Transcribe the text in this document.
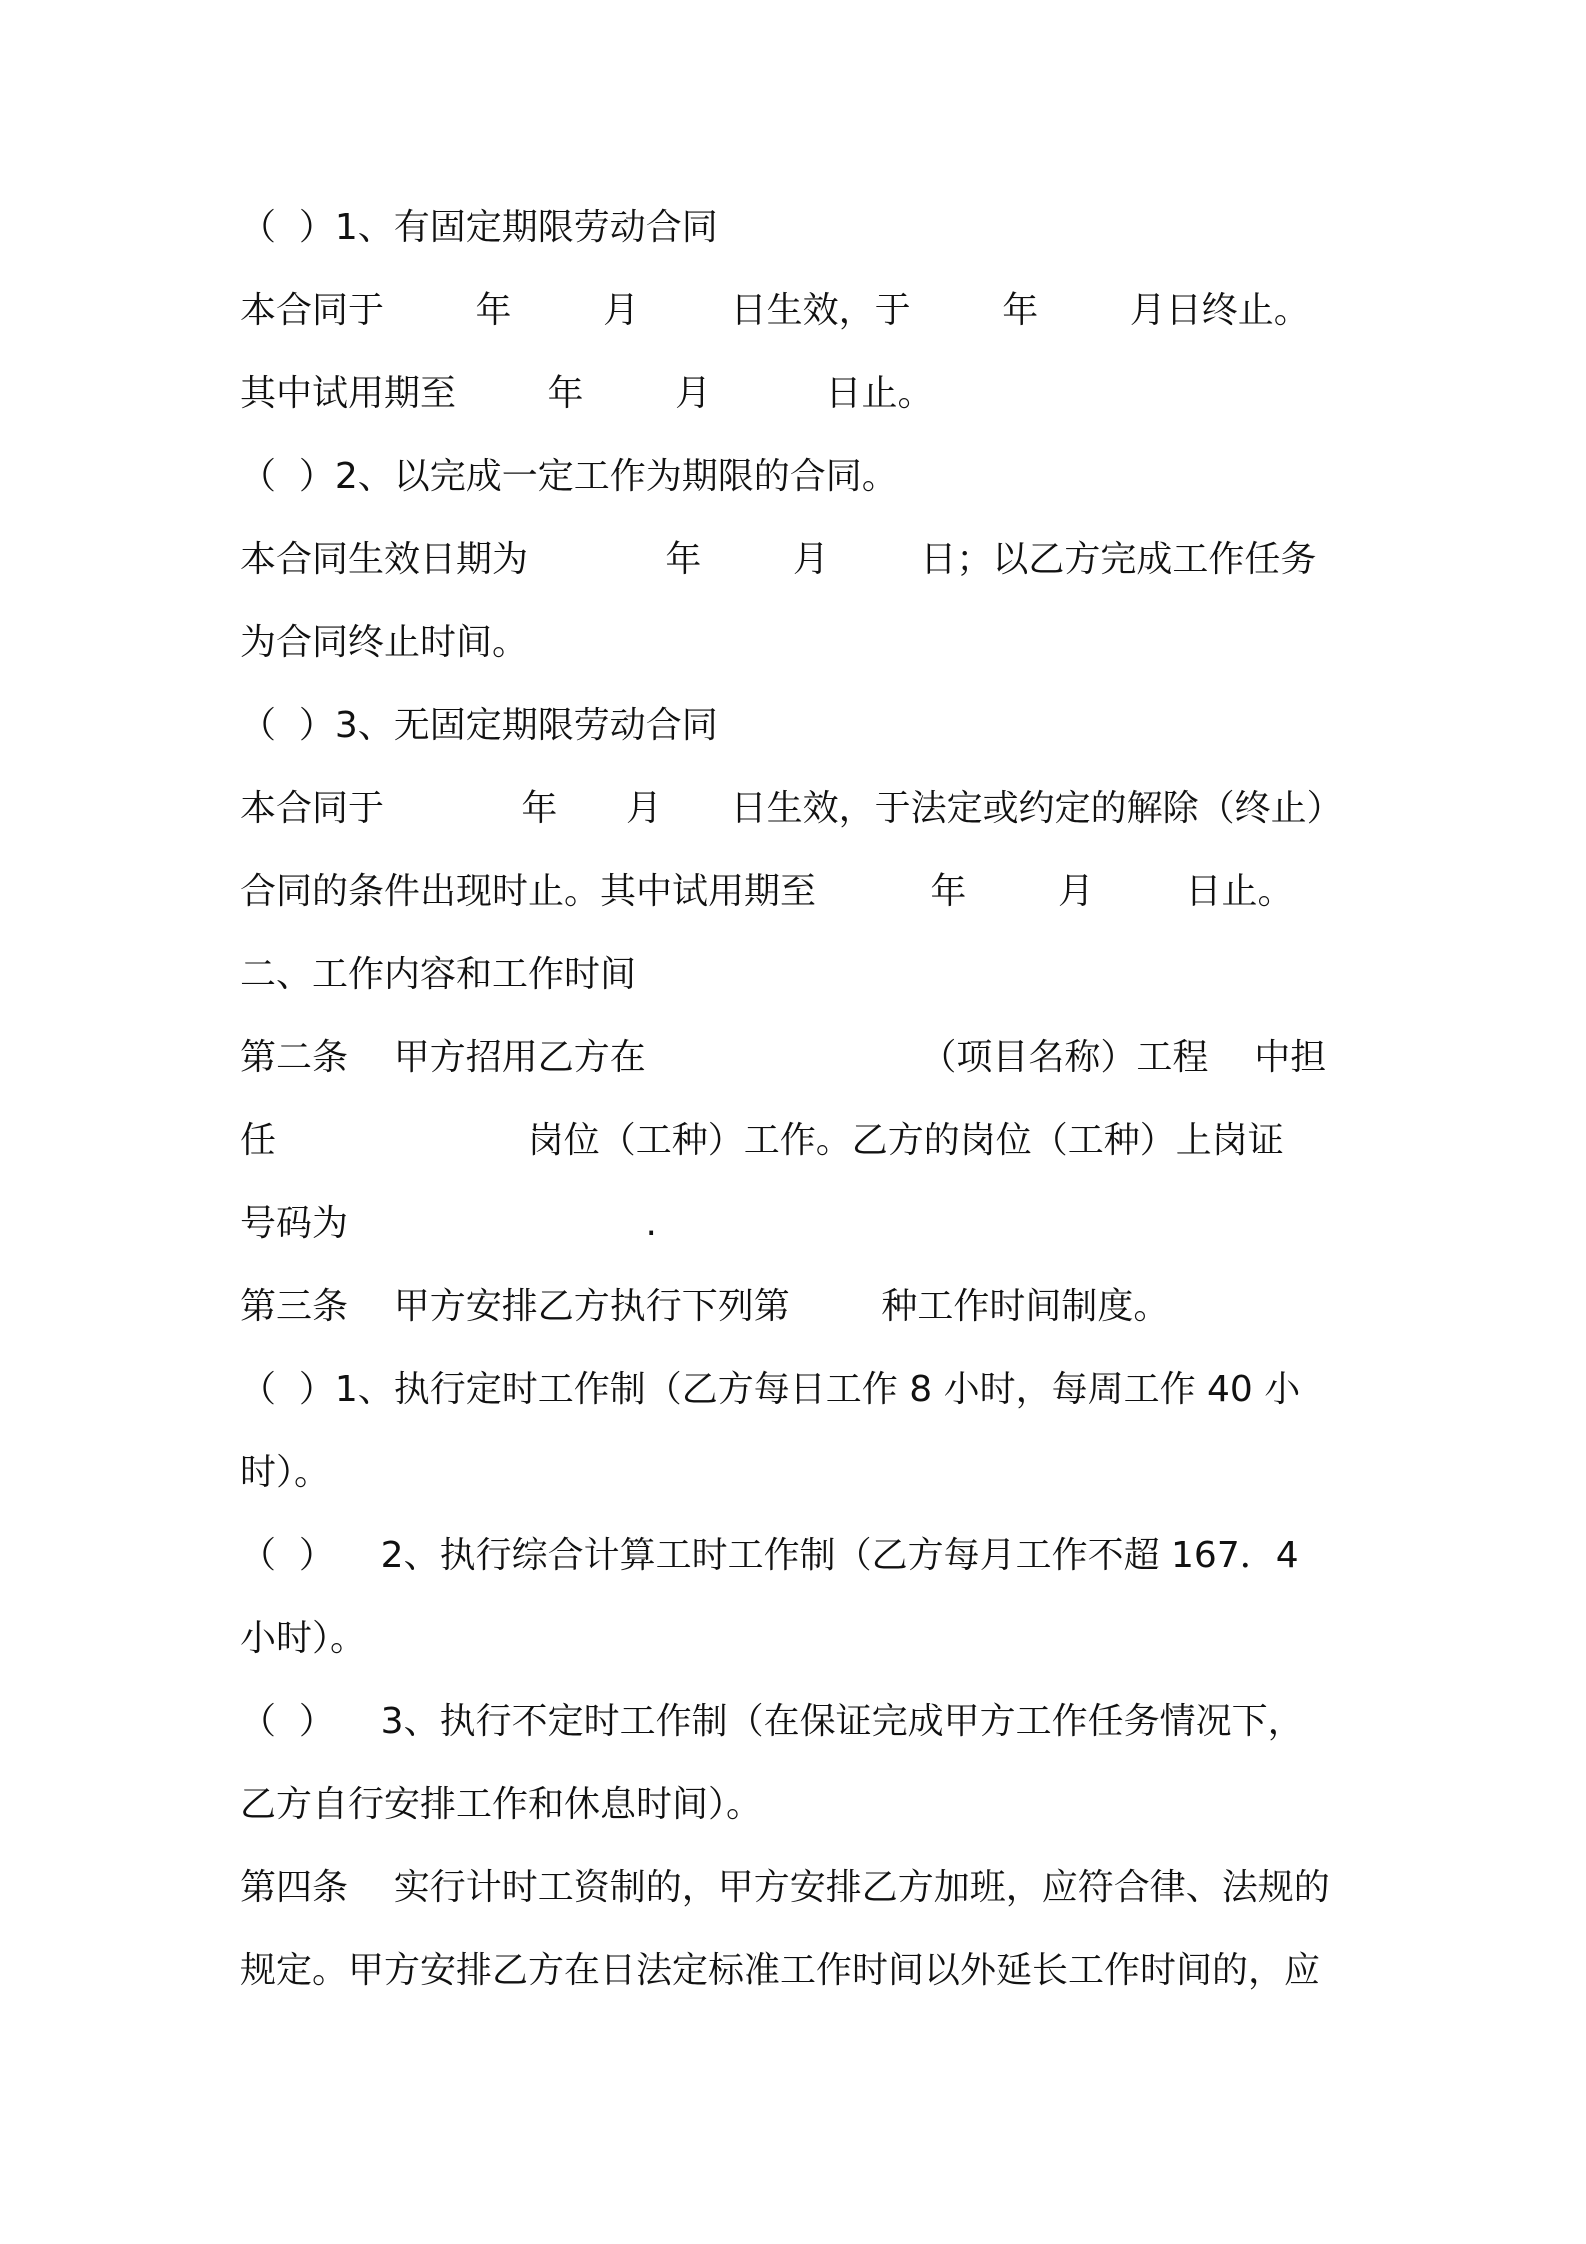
（  ）1、有固定期限劳动合同
本合同于        年        月        日生效，于        年        月日终止。
其中试用期至        年        月          日止。
（  ）2、以完成一定工作为期限的合同。
本合同生效日期为            年        月        日；以乙方完成工作任务
为合同终止时间。
（  ）3、无固定期限劳动合同
本合同于            年      月      日生效，于法定或约定的解除（终止）
合同的条件出现时止。其中试用期至          年        月        日止。
二、工作内容和工作时间
第二条    甲方招用乙方在                        （项目名称）工程    中担
任                      岗位（工种）工作。乙方的岗位（工种）上岗证
号码为                          .
第三条    甲方安排乙方执行下列第        种工作时间制度。
（  ）1、执行定时工作制（乙方每日工作 8 小时，每周工作 40 小
时）。
（  ）    2、执行综合计算工时工作制（乙方每月工作不超 167．4
小时）。
（  ）    3、执行不定时工作制（在保证完成甲方工作任务情况下，
乙方自行安排工作和休息时间）。
第四条    实行计时工资制的，甲方安排乙方加班，应符合律、法规的
规定。甲方安排乙方在日法定标准工作时间以外延长工作时间的，应
